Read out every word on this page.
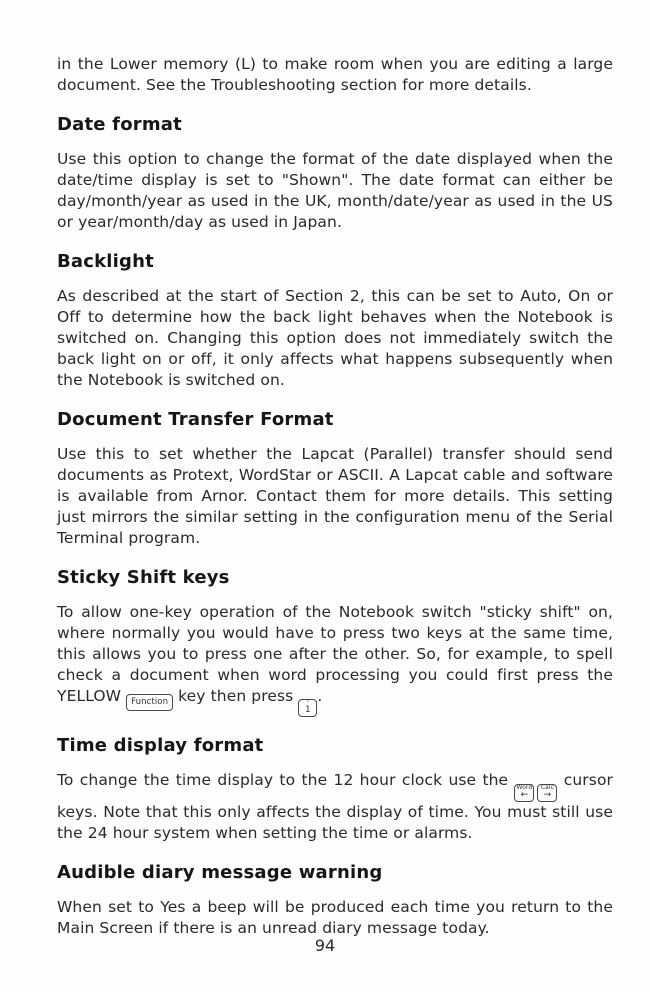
in the Lower memory (L) to make room when you are editing a large document. See the Troubleshooting section for more details.

Date format

Use this option to change the format of the date displayed when the date/time display is set to "Shown". The date format can either be day/month/year as used in the UK, month/date/year as used in the US or year/month/day as used in Japan.

Backlight

As described at the start of Section 2, this can be set to Auto, On or Off to determine how the back light behaves when the Notebook is switched on. Changing this option does not immediately switch the back light on or off, it only affects what happens subsequently when the Notebook is switched on.

Document Transfer Format

Use this to set whether the Lapcat (Parallel) transfer should send documents as Protext, WordStar or ASCII. A Lapcat cable and software is available from Arnor. Contact them for more details. This setting just mirrors the similar setting in the configuration menu of the Serial Terminal program.

Sticky Shift keys

To allow one-key operation of the Notebook switch "sticky shift" on, where normally you would have to press two keys at the same time, this allows you to press one after the other. So, for example, to spell check a document when word processing you could first press the YELLOW Function key then press '
1
.

Time display format

To change the time display to the 12 hour clock use the Word
←
Calc
→
cursor keys. Note that this only affects the display of time. You must still use the 24 hour system when setting the time or alarms.

Audible diary message warning

When set to Yes a beep will be produced each time you return to the Main Screen if there is an unread diary message today.

94
